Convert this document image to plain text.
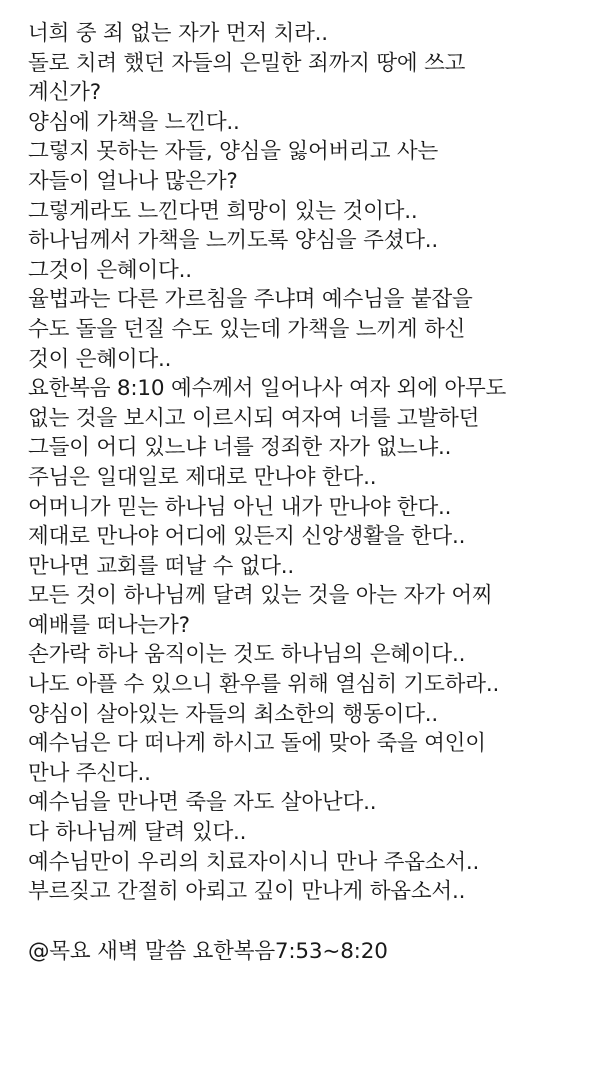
너희 중 죄 없는 자가 먼저 치라..
돌로 치려 했던 자들의 은밀한 죄까지 땅에 쓰고
계신가?
양심에 가책을 느낀다..
그렇지 못하는 자들, 양심을 잃어버리고 사는
자들이 얼나나 많은가?
그렇게라도 느낀다면 희망이 있는 것이다..
하나님께서 가책을 느끼도록 양심을 주셨다..
그것이 은혜이다..
율법과는 다른 가르침을 주냐며 예수님을 붙잡을
수도 돌을 던질 수도 있는데 가책을 느끼게 하신
것이 은혜이다..
요한복음 8:10 예수께서 일어나사 여자 외에 아무도
없는 것을 보시고 이르시되 여자여 너를 고발하던
그들이 어디 있느냐 너를 정죄한 자가 없느냐..
주님은 일대일로 제대로 만나야 한다..
어머니가 믿는 하나님 아닌 내가 만나야 한다..
제대로 만나야 어디에 있든지 신앙생활을 한다..
만나면 교회를 떠날 수 없다..
모든 것이 하나님께 달려 있는 것을 아는 자가 어찌
예배를 떠나는가?
손가락 하나 움직이는 것도 하나님의 은혜이다..
나도 아플 수 있으니 환우를 위해 열심히 기도하라..
양심이 살아있는 자들의 최소한의 행동이다..
예수님은 다 떠나게 하시고 돌에 맞아 죽을 여인이
만나 주신다..
예수님을 만나면 죽을 자도 살아난다..
다 하나님께 달려 있다..
예수님만이 우리의 치료자이시니 만나 주옵소서..
부르짖고 간절히 아뢰고 깊이 만나게 하옵소서..
@목요 새벽 말씀 요한복음7:53~8:20
